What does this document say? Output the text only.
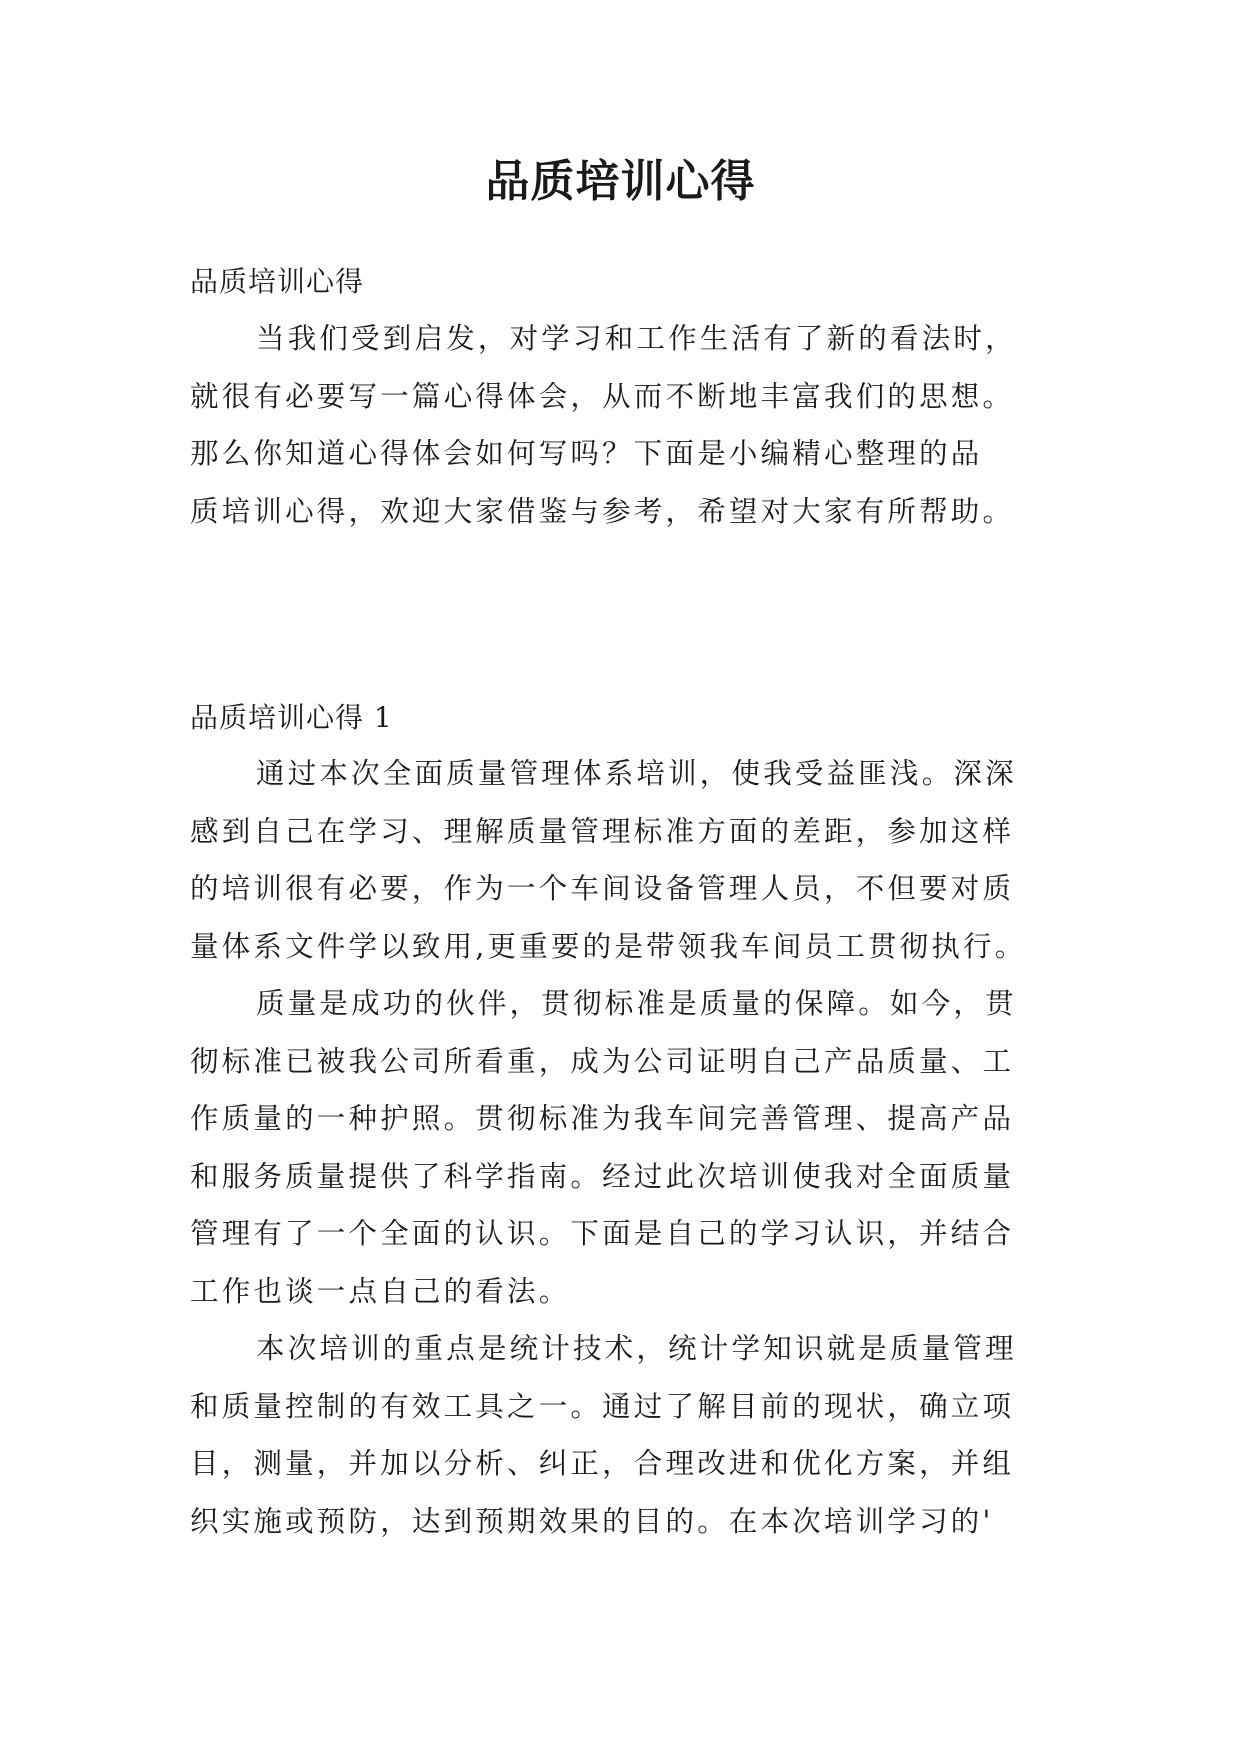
品质培训心得

品质培训心得

当我们受到启发，对学习和工作生活有了新的看法时，
就很有必要写一篇心得体会，从而不断地丰富我们的思想。
那么你知道心得体会如何写吗？下面是小编精心整理的品
质培训心得，欢迎大家借鉴与参考，希望对大家有所帮助。

品质培训心得 1

通过本次全面质量管理体系培训，使我受益匪浅。深深
感到自己在学习、理解质量管理标准方面的差距，参加这样
的培训很有必要，作为一个车间设备管理人员，不但要对质
量体系文件学以致用,更重要的是带领我车间员工贯彻执行。
质量是成功的伙伴，贯彻标准是质量的保障。如今，贯
彻标准已被我公司所看重，成为公司证明自己产品质量、工
作质量的一种护照。贯彻标准为我车间完善管理、提高产品
和服务质量提供了科学指南。经过此次培训使我对全面质量
管理有了一个全面的认识。下面是自己的学习认识，并结合
工作也谈一点自己的看法。
本次培训的重点是统计技术，统计学知识就是质量管理
和质量控制的有效工具之一。通过了解目前的现状，确立项
目，测量，并加以分析、纠正，合理改进和优化方案，并组
织实施或预防，达到预期效果的目的。在本次培训学习的'
